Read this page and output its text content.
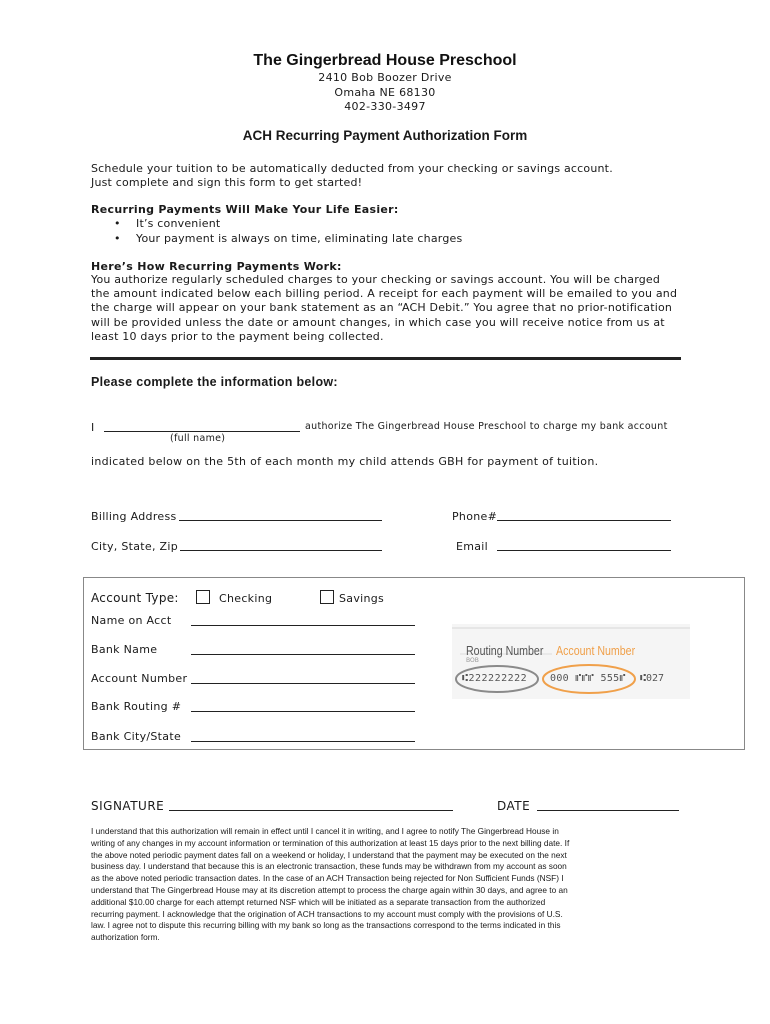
The Gingerbread House Preschool
2410 Bob Boozer Drive
Omaha NE 68130
402-330-3497
ACH Recurring Payment Authorization Form
Schedule your tuition to be automatically deducted from your checking or savings account.
Just complete and sign this form to get started!
Recurring Payments Will Make Your Life Easier:
• It’s convenient
• Your payment is always on time, eliminating late charges
Here’s How Recurring Payments Work:
You authorize regularly scheduled charges to your checking or savings account. You will be charged
the amount indicated below each billing period. A receipt for each payment will be emailed to you and
the charge will appear on your bank statement as an “ACH Debit.” You agree that no prior-notification
will be provided unless the date or amount changes, in which case you will receive notice from us at
least 10 days prior to the payment being collected.
Please complete the information below:
I	authorize The Gingerbread House Preschool to charge my bank account
(full name)
indicated below on the 5th of each month my child attends GBH for payment of tuition.
Billing Address	Phone#
City, State, Zip	Email
Account Type:	Checking	Savings
Name on Acct
Bank Name
Account Number
Bank Routing #
Bank City/State
Routing Number Account Number
BOB
⑆222222222 000 ⑈⑈⑈ 555⑈ ⑆027
SIGNATURE	DATE
I understand that this authorization will remain in effect until I cancel it in writing, and I agree to notify The Gingerbread House in
writing of any changes in my account information or termination of this authorization at least 15 days prior to the next billing date. If
the above noted periodic payment dates fall on a weekend or holiday, I understand that the payment may be executed on the next
business day. I understand that because this is an electronic transaction, these funds may be withdrawn from my account as soon
as the above noted periodic transaction dates. In the case of an ACH Transaction being rejected for Non Sufficient Funds (NSF) I
understand that The Gingerbread House may at its discretion attempt to process the charge again within 30 days, and agree to an
additional $10.00 charge for each attempt returned NSF which will be initiated as a separate transaction from the authorized
recurring payment. I acknowledge that the origination of ACH transactions to my account must comply with the provisions of U.S.
law. I agree not to dispute this recurring billing with my bank so long as the transactions correspond to the terms indicated in this
authorization form.
